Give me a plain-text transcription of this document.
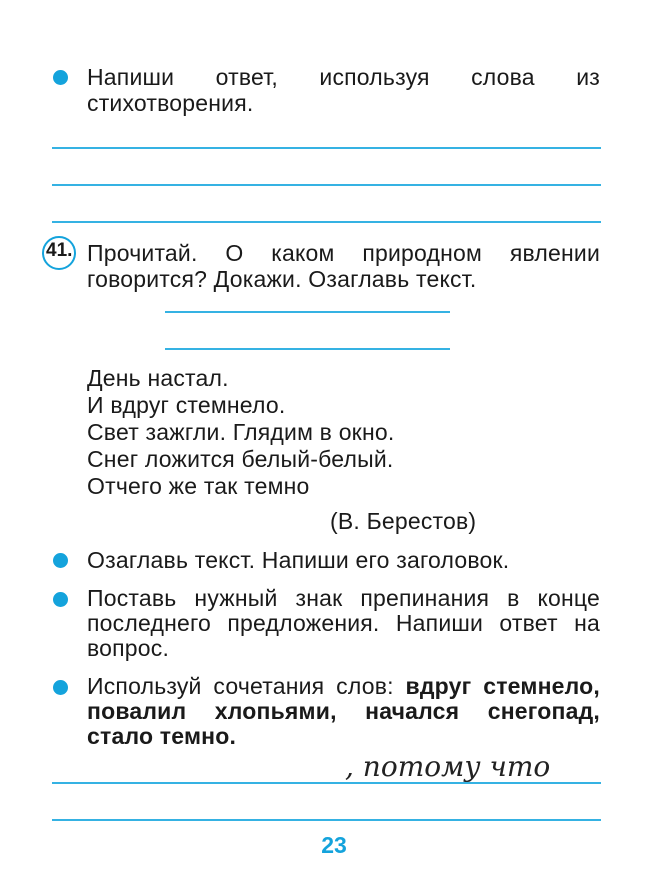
Напиши ответ, используя слова из стихотворения.
41. Прочитай. О каком природном явлении говорится? Докажи. Озаглавь текст.
День настал.
И вдруг стемнело.
Свет зажгли. Глядим в окно.
Снег ложится белый-белый.
Отчего же так темно
(В. Берестов)
Озаглавь текст. Напиши его заголовок.
Поставь нужный знак препинания в конце последнего предложения. Напиши ответ на вопрос.
Используй сочетания слов: вдруг стемнело, повалил хлопьями, начался снегопад, стало темно.
, потому что
23
